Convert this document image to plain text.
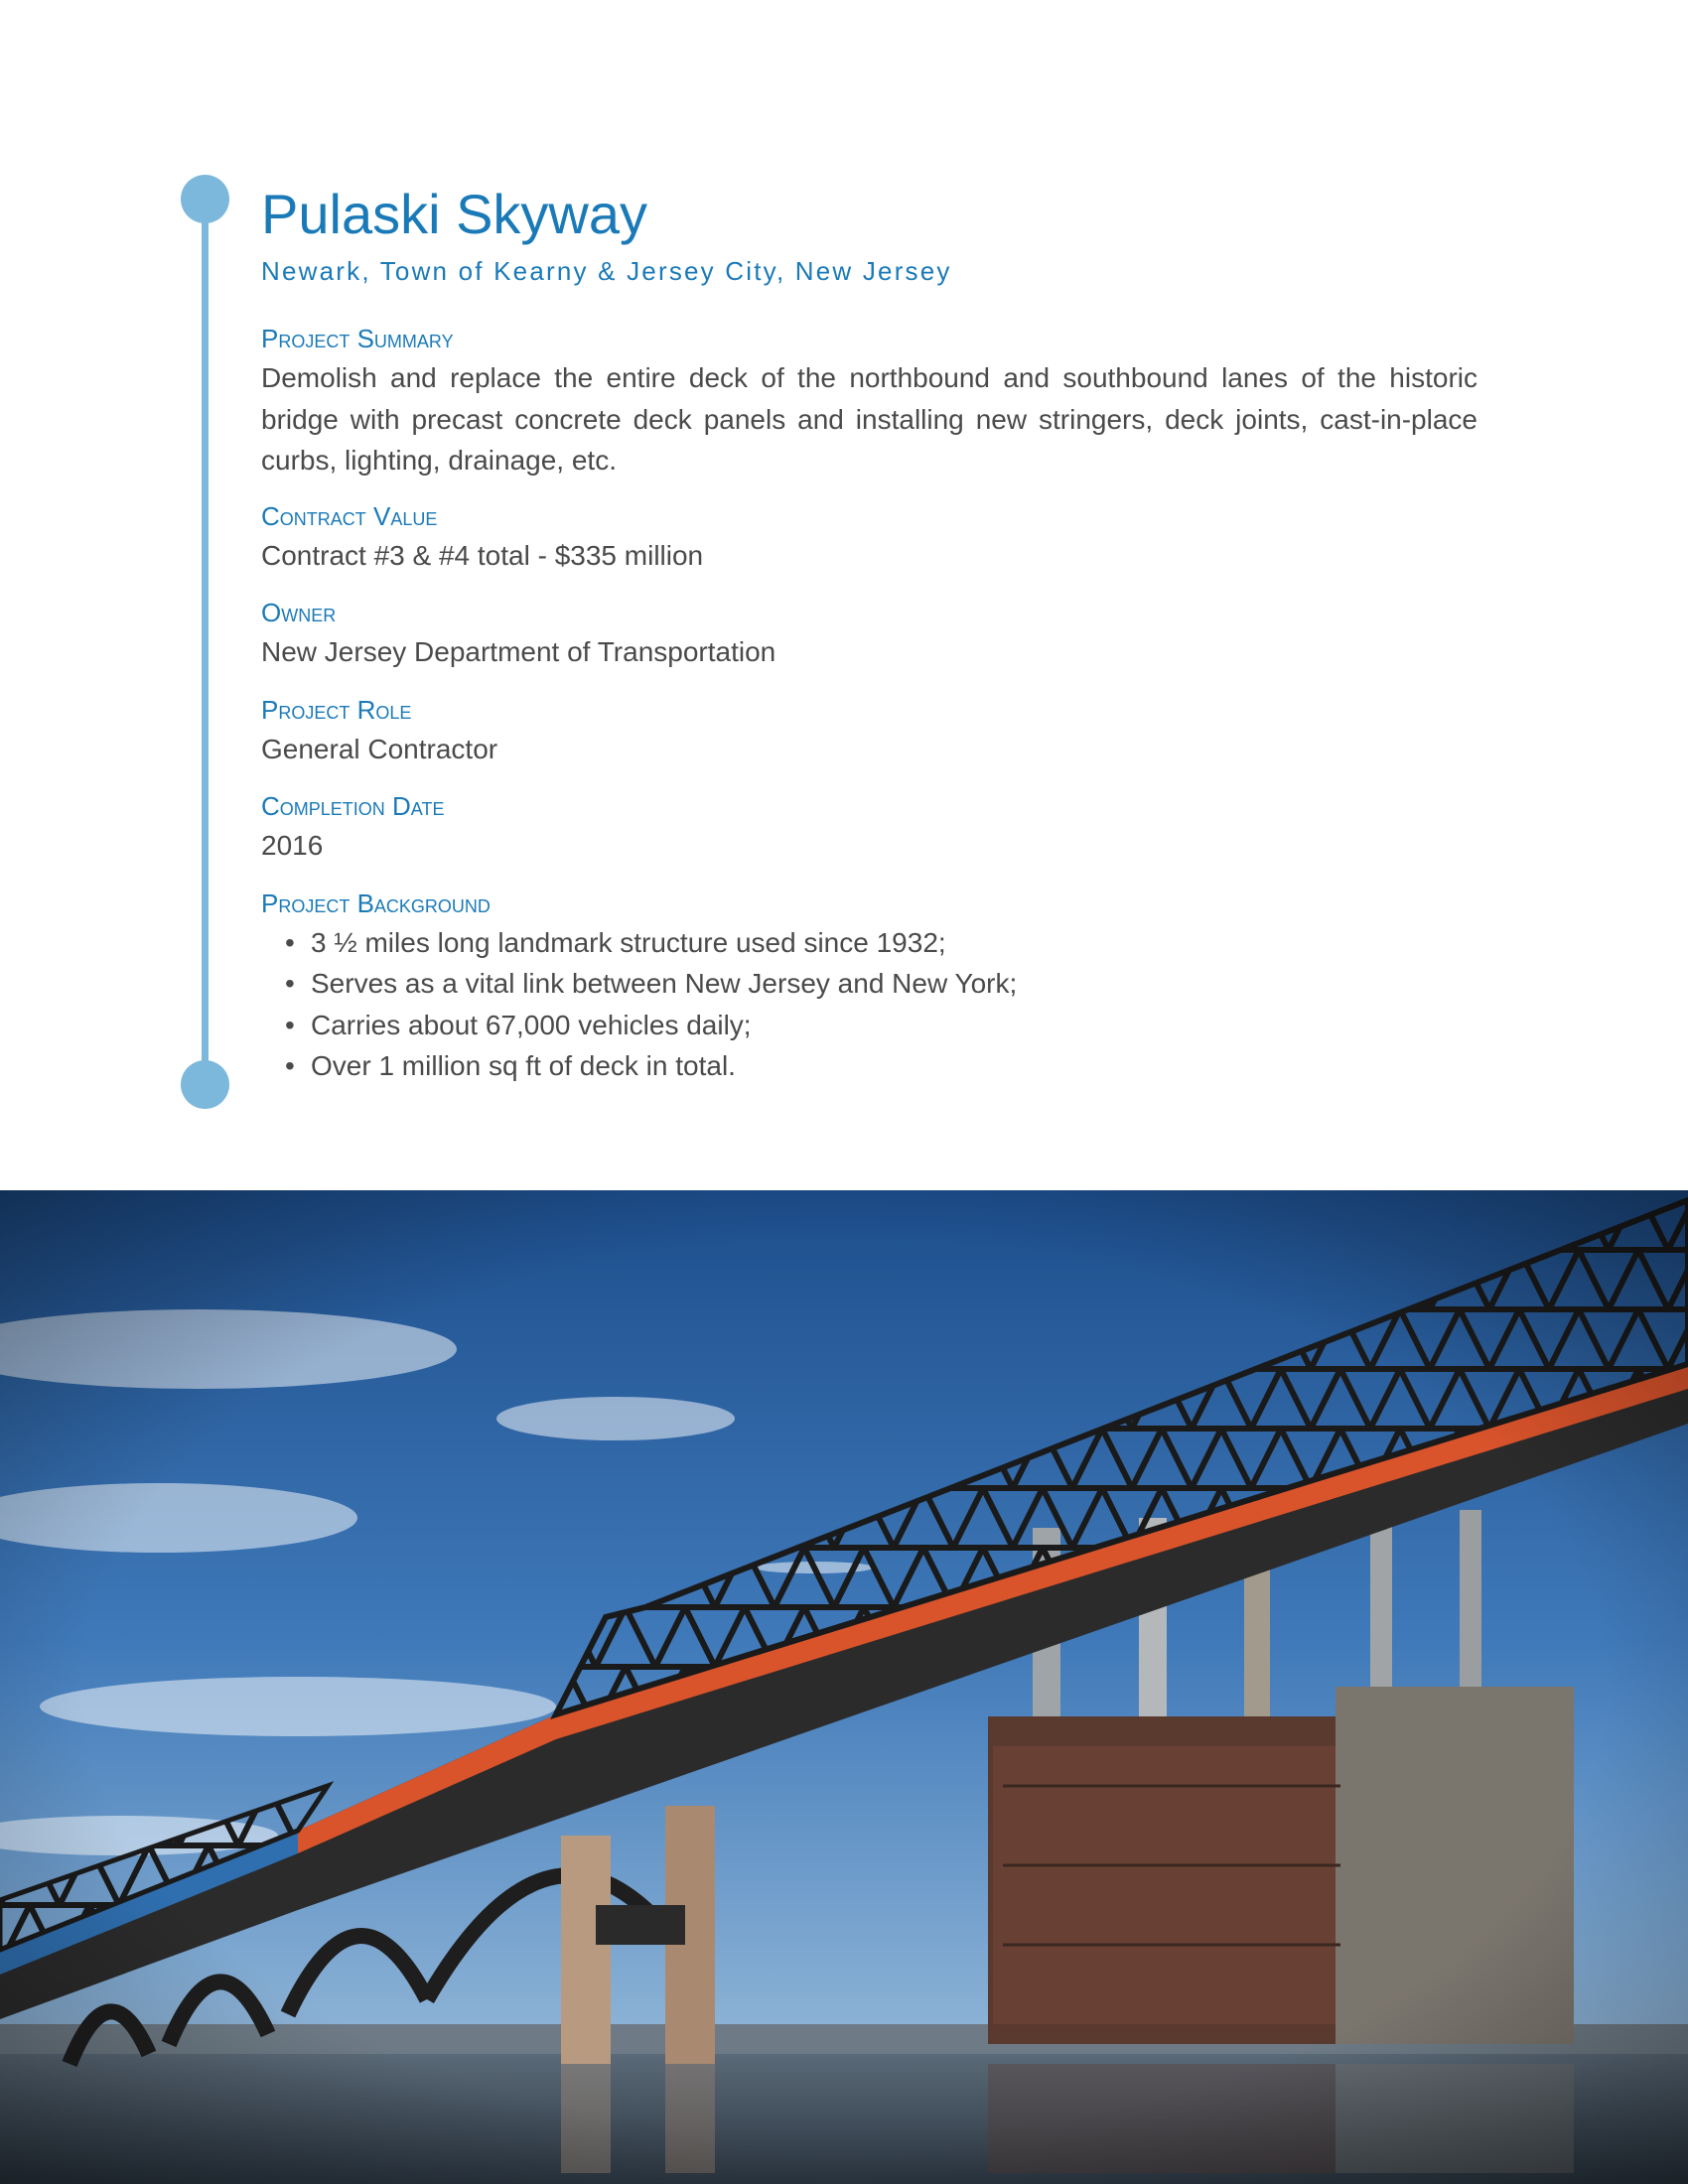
Pulaski Skyway
Newark, Town of Kearny & Jersey City, New Jersey
Project Summary
Demolish and replace the entire deck of the northbound and southbound lanes of the historic bridge with precast concrete deck panels and installing new stringers, deck joints, cast-in-place curbs, lighting, drainage, etc.
Contract Value
Contract #3 & #4 total - $335 million
Owner
New Jersey Department of Transportation
Project Role
General Contractor
Completion Date
2016
Project Background
• 3 ½ miles long landmark structure used since 1932;
• Serves as a vital link between New Jersey and New York;
• Carries about 67,000 vehicles daily;
• Over 1 million sq ft of deck in total.
